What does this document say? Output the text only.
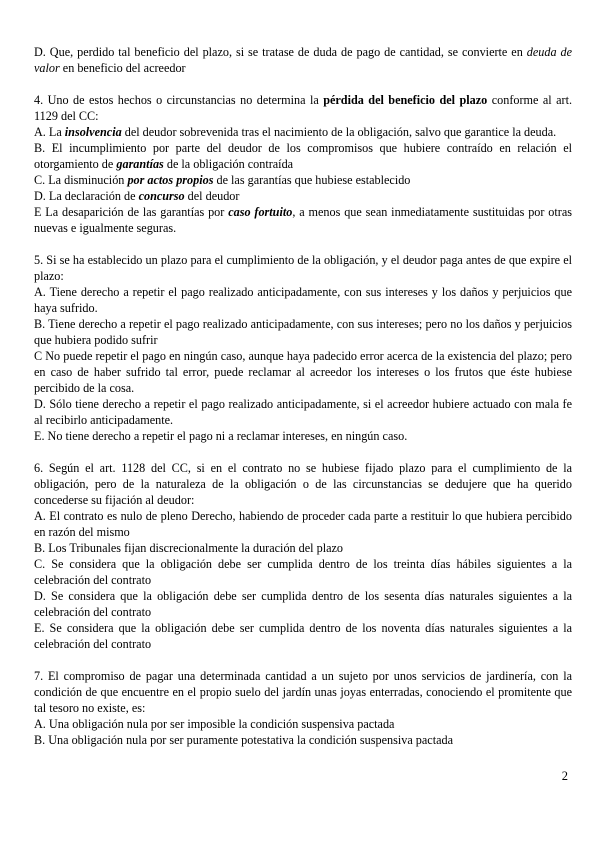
D. Que, perdido tal beneficio del plazo, si se tratase de duda de pago de cantidad, se convierte en deuda de valor en beneficio del acreedor
4. Uno de estos hechos o circunstancias no determina la pérdida del beneficio del plazo conforme al art. 1129 del CC:
A. La insolvencia del deudor sobrevenida tras el nacimiento de la obligación, salvo que garantice la deuda.
B. El incumplimiento por parte del deudor de los compromisos que hubiere contraído en relación el otorgamiento de garantías de la obligación contraída
C. La disminución por actos propios de las garantías que hubiese establecido
D. La declaración de concurso del deudor
E La desaparición de las garantías por caso fortuito, a menos que sean inmediatamente sustituidas por otras nuevas e igualmente seguras.
5. Si se ha establecido un plazo para el cumplimiento de la obligación, y el deudor paga antes de que expire el plazo:
A. Tiene derecho a repetir el pago realizado anticipadamente, con sus intereses y los daños y perjuicios que haya sufrido.
B. Tiene derecho a repetir el pago realizado anticipadamente, con sus intereses; pero no los daños y perjuicios que hubiera podido sufrir
C No puede repetir el pago en ningún caso, aunque haya padecido error acerca de la existencia del plazo; pero en caso de haber sufrido tal error, puede reclamar al acreedor los intereses o los frutos que éste hubiese percibido de la cosa.
D. Sólo tiene derecho a repetir el pago realizado anticipadamente, si el acreedor hubiere actuado con mala fe al recibirlo anticipadamente.
E. No tiene derecho a repetir el pago ni a reclamar intereses, en ningún caso.
6. Según el art. 1128 del CC, si en el contrato no se hubiese fijado plazo para el cumplimiento de la obligación, pero de la naturaleza de la obligación o de las circunstancias se dedujere que ha querido concederse su fijación al deudor:
A. El contrato es nulo de pleno Derecho, habiendo de proceder cada parte a restituir lo que hubiera percibido en razón del mismo
B. Los Tribunales fijan discrecionalmente la duración del plazo
C. Se considera que la obligación debe ser cumplida dentro de los treinta días hábiles siguientes a la celebración del contrato
D. Se considera que la obligación debe ser cumplida dentro de los sesenta días naturales siguientes a la celebración del contrato
E. Se considera que la obligación debe ser cumplida dentro de los noventa días naturales siguientes a la celebración del contrato
7. El compromiso de pagar una determinada cantidad a un sujeto por unos servicios de jardinería, con la condición de que encuentre en el propio suelo del jardín unas joyas enterradas, conociendo el promitente que tal tesoro no existe, es:
A. Una obligación nula por ser imposible la condición suspensiva pactada
B. Una obligación nula por ser puramente potestativa la condición suspensiva pactada
2
